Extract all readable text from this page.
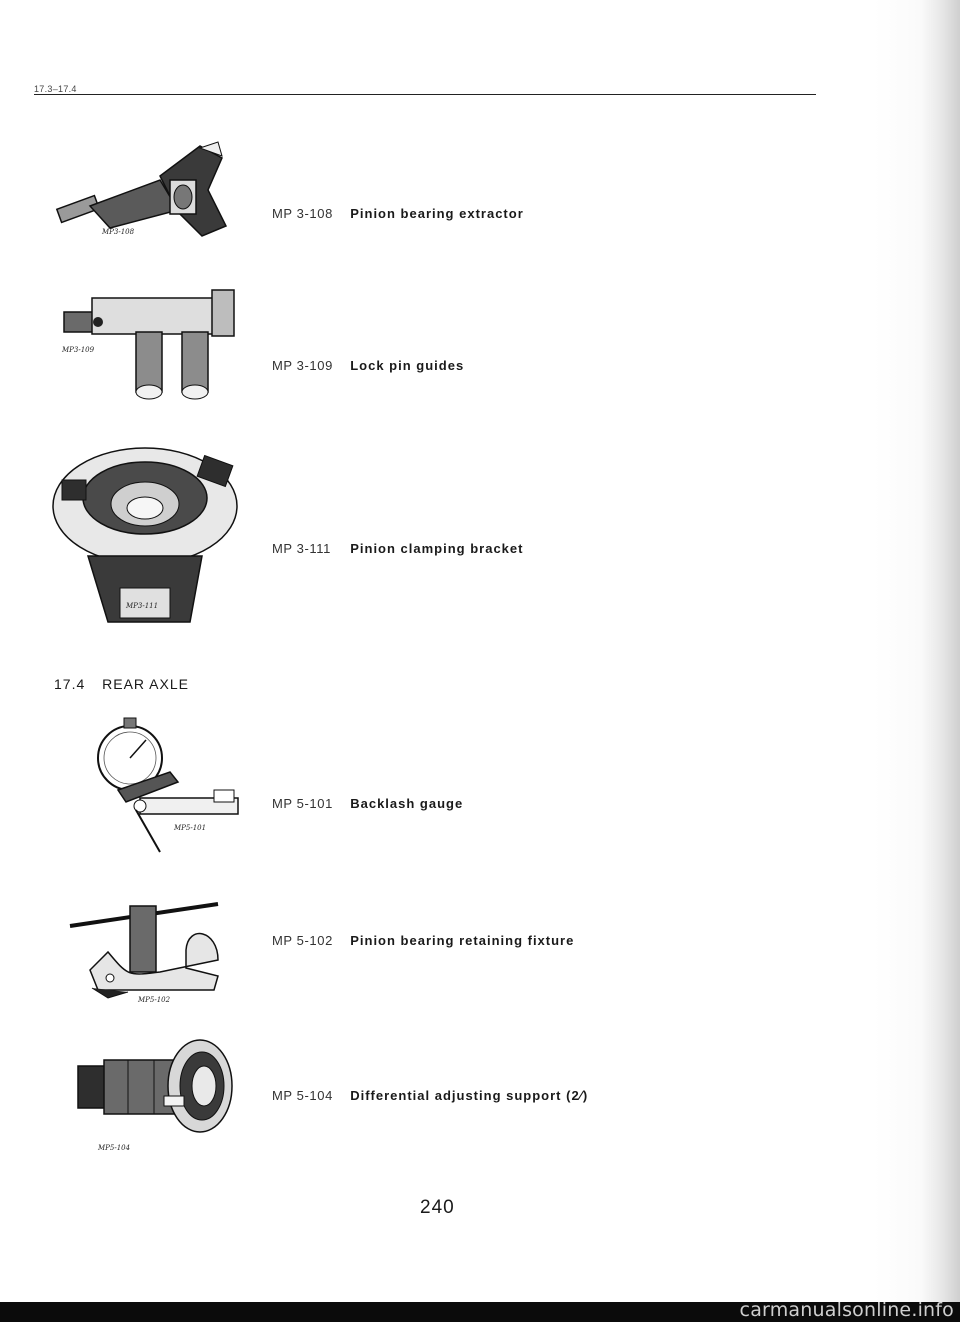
17.3–17.4
MP3-108
MP 3-108 Pinion bearing extractor
MP3-109
MP 3-109 Lock pin guides
MP3-111
MP 3-111 Pinion clamping bracket
17.4 REAR AXLE
MP5-101
MP 5-101 Backlash gauge
MP5-102
MP 5-102 Pinion bearing retaining fixture
MP5-104
MP 5-104 Differential adjusting support (2⁄)
240
carmanualsonline.info
